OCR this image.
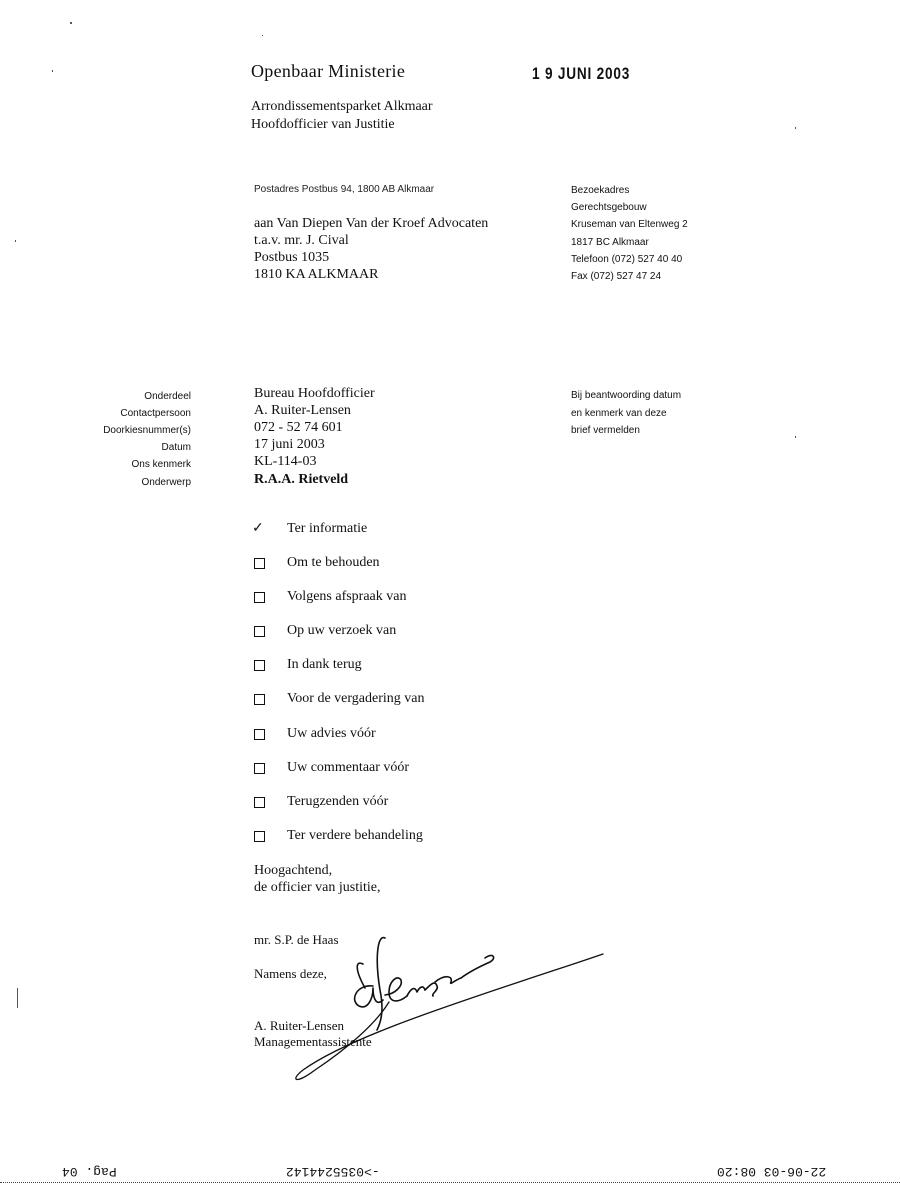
Openbaar Ministerie	1 9 JUNI 2003
Arrondissementsparket Alkmaar
Hoofdofficier van Justitie
Postadres Postbus 94, 1800 AB Alkmaar
aan Van Diepen Van der Kroef Advocaten
t.a.v. mr. J. Cival
Postbus 1035
1810 KA ALKMAAR
Bezoekadres
Gerechtsgebouw
Kruseman van Eltenweg 2
1817 BC Alkmaar
Telefoon (072) 527 40 40
Fax (072) 527 47 24
Onderdeel	Bureau Hoofdofficier
Contactpersoon	A. Ruiter-Lensen
Doorkiesnummer(s)	072 - 52 74 601
Datum	17 juni 2003
Ons kenmerk	KL-114-03
Onderwerp	R.A.A. Rietveld
Bij beantwoording datum
en kenmerk van deze
brief vermelden
✓ Ter informatie
Om te behouden
Volgens afspraak van
Op uw verzoek van
In dank terug
Voor de vergadering van
Uw advies vóór
Uw commentaar vóór
Terugzenden vóór
Ter verdere behandeling
Hoogachtend,
de officier van justitie,
mr. S.P. de Haas
Namens deze,
A. Ruiter-Lensen
Managementassistente
22-06-03 08:20
->0355244142
Pag. 04
